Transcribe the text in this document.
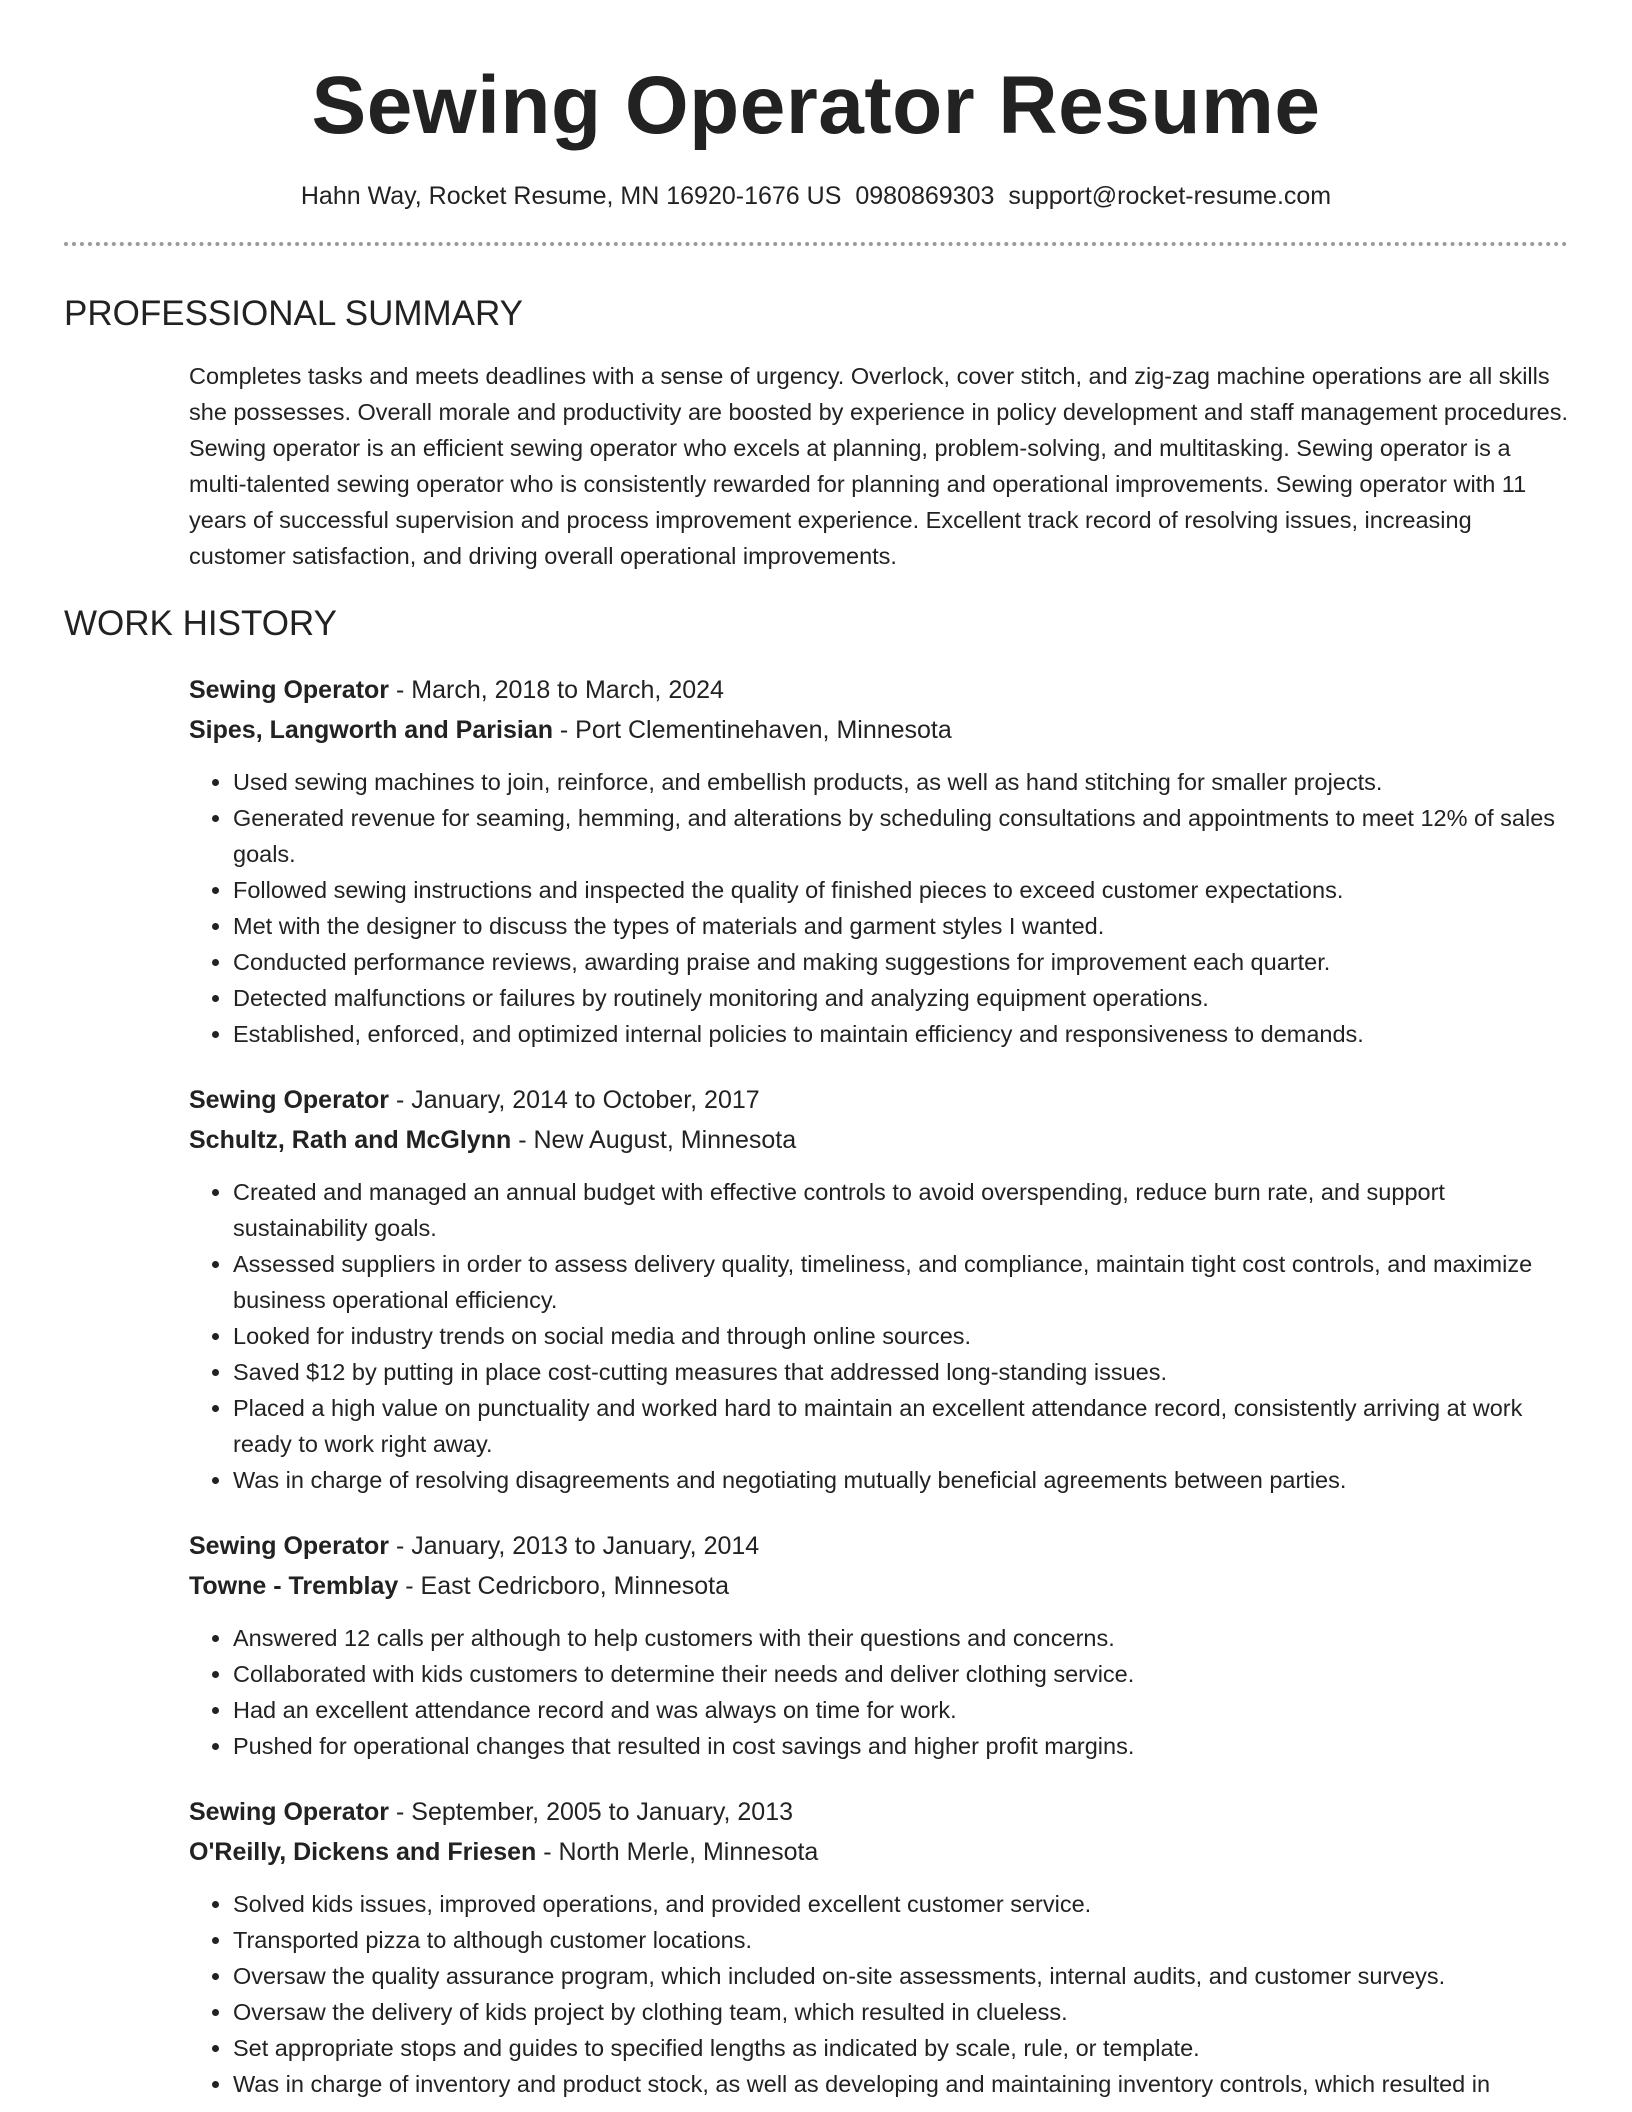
Sewing Operator Resume
Hahn Way, Rocket Resume, MN 16920-1676 US 0980869303 support@rocket-resume.com
PROFESSIONAL SUMMARY

Completes tasks and meets deadlines with a sense of urgency. Overlock, cover stitch, and zig-zag machine operations are all skills she possesses. Overall morale and productivity are boosted by experience in policy development and staff management procedures. Sewing operator is an efficient sewing operator who excels at planning, problem-solving, and multitasking. Sewing operator is a multi-talented sewing operator who is consistently rewarded for planning and operational improvements. Sewing operator with 11 years of successful supervision and process improvement experience. Excellent track record of resolving issues, increasing customer satisfaction, and driving overall operational improvements.

WORK HISTORY
Sewing Operator - March, 2018 to March, 2024
Sipes, Langworth and Parisian - Port Clementinehaven, Minnesota
• Used sewing machines to join, reinforce, and embellish products, as well as hand stitching for smaller projects.
• Generated revenue for seaming, hemming, and alterations by scheduling consultations and appointments to meet 12% of sales goals.
• Followed sewing instructions and inspected the quality of finished pieces to exceed customer expectations.
• Met with the designer to discuss the types of materials and garment styles I wanted.
• Conducted performance reviews, awarding praise and making suggestions for improvement each quarter.
• Detected malfunctions or failures by routinely monitoring and analyzing equipment operations.
• Established, enforced, and optimized internal policies to maintain efficiency and responsiveness to demands.
Sewing Operator - January, 2014 to October, 2017
Schultz, Rath and McGlynn - New August, Minnesota
• Created and managed an annual budget with effective controls to avoid overspending, reduce burn rate, and support sustainability goals.
• Assessed suppliers in order to assess delivery quality, timeliness, and compliance, maintain tight cost controls, and maximize business operational efficiency.
• Looked for industry trends on social media and through online sources.
• Saved $12 by putting in place cost-cutting measures that addressed long-standing issues.
• Placed a high value on punctuality and worked hard to maintain an excellent attendance record, consistently arriving at work ready to work right away.
• Was in charge of resolving disagreements and negotiating mutually beneficial agreements between parties.
Sewing Operator - January, 2013 to January, 2014
Towne - Tremblay - East Cedricboro, Minnesota
• Answered 12 calls per although to help customers with their questions and concerns.
• Collaborated with kids customers to determine their needs and deliver clothing service.
• Had an excellent attendance record and was always on time for work.
• Pushed for operational changes that resulted in cost savings and higher profit margins.
Sewing Operator - September, 2005 to January, 2013
O'Reilly, Dickens and Friesen - North Merle, Minnesota
• Solved kids issues, improved operations, and provided excellent customer service.
• Transported pizza to although customer locations.
• Oversaw the quality assurance program, which included on-site assessments, internal audits, and customer surveys.
• Oversaw the delivery of kids project by clothing team, which resulted in clueless.
• Set appropriate stops and guides to specified lengths as indicated by scale, rule, or template.
• Was in charge of inventory and product stock, as well as developing and maintaining inventory controls, which resulted in
